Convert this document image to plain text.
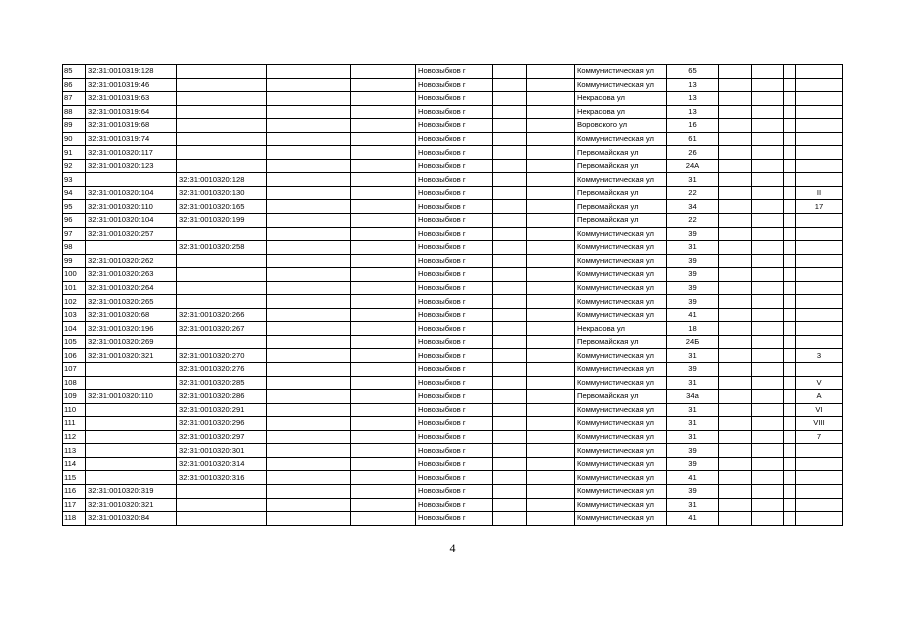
85	32:31:0010319:128				Новозыбков г			Коммунистическая ул	65				
86	32:31:0010319:46				Новозыбков г			Коммунистическая ул	13				
87	32:31:0010319:63				Новозыбков г			Некрасова ул	13				
88	32:31:0010319:64				Новозыбков г			Некрасова ул	13				
89	32:31:0010319:68				Новозыбков г			Воровского ул	16				
90	32:31:0010319:74				Новозыбков г			Коммунистическая ул	61				
91	32:31:0010320:117				Новозыбков г			Первомайская ул	26				
92	32:31:0010320:123				Новозыбков г			Первомайская ул	24А				
93		32:31:0010320:128			Новозыбков г			Коммунистическая ул	31				
94	32:31:0010320:104	32:31:0010320:130			Новозыбков г			Первомайская ул	22				II
95	32:31:0010320:110	32:31:0010320:165			Новозыбков г			Первомайская ул	34				17
96	32:31:0010320:104	32:31:0010320:199			Новозыбков г			Первомайская ул	22				
97	32:31:0010320:257				Новозыбков г			Коммунистическая ул	39				
98		32:31:0010320:258			Новозыбков г			Коммунистическая ул	31				
99	32:31:0010320:262				Новозыбков г			Коммунистическая ул	39				
100	32:31:0010320:263				Новозыбков г			Коммунистическая ул	39				
101	32:31:0010320:264				Новозыбков г			Коммунистическая ул	39				
102	32:31:0010320:265				Новозыбков г			Коммунистическая ул	39				
103	32:31:0010320:68	32:31:0010320:266			Новозыбков г			Коммунистическая ул	41				
104	32:31:0010320:196	32:31:0010320:267			Новозыбков г			Некрасова ул	18				
105	32:31:0010320:269				Новозыбков г			Первомайская ул	24Б				
106	32:31:0010320:321	32:31:0010320:270			Новозыбков г			Коммунистическая ул	31				3
107		32:31:0010320:276			Новозыбков г			Коммунистическая ул	39				
108		32:31:0010320:285			Новозыбков г			Коммунистическая ул	31				V
109	32:31:0010320:110	32:31:0010320:286			Новозыбков г			Первомайская ул	34а				А
110		32:31:0010320:291			Новозыбков г			Коммунистическая ул	31				VI
111		32:31:0010320:296			Новозыбков г			Коммунистическая ул	31				VIII
112		32:31:0010320:297			Новозыбков г			Коммунистическая ул	31				7
113		32:31:0010320:301			Новозыбков г			Коммунистическая ул	39				
114		32:31:0010320:314			Новозыбков г			Коммунистическая ул	39				
115		32:31:0010320:316			Новозыбков г			Коммунистическая ул	41				
116	32:31:0010320:319				Новозыбков г			Коммунистическая ул	39				
117	32:31:0010320:321				Новозыбков г			Коммунистическая ул	31				
118	32:31:0010320:84				Новозыбков г			Коммунистическая ул	41				
4
